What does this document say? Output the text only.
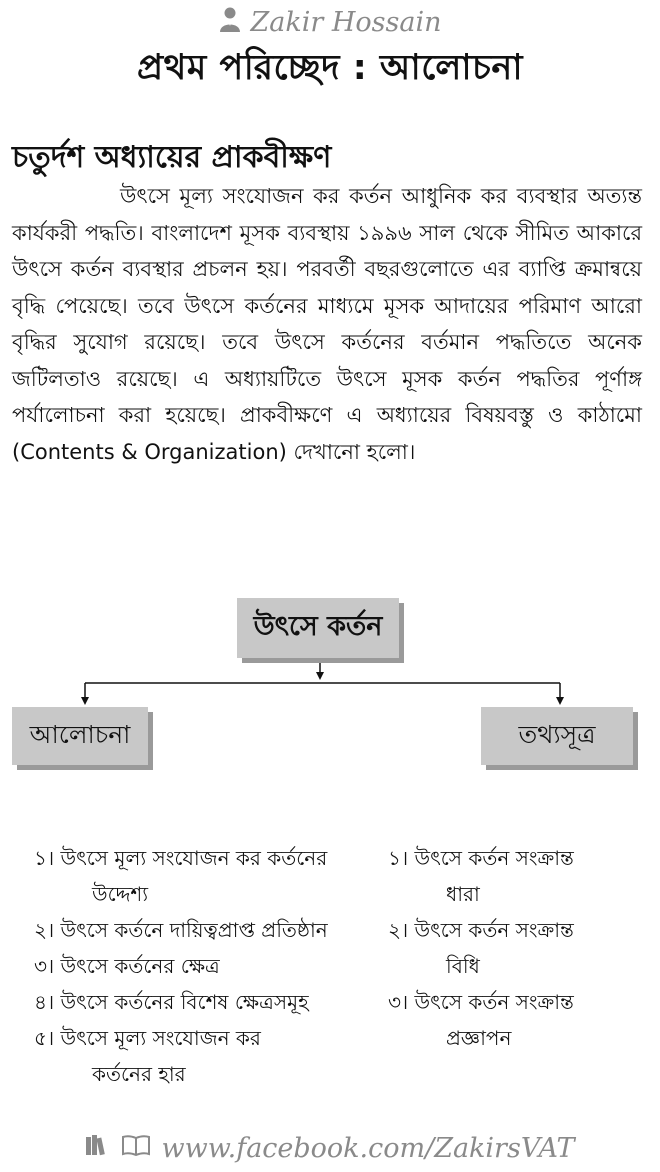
Zakir Hossain
প্রথম পরিচ্ছেদ : আলোচনা
চতুর্দশ অধ্যায়ের প্রাকবীক্ষণ
উৎসে মূল্য সংযোজন কর কর্তন আধুনিক কর ব্যবস্থার অত্যন্ত কার্যকরী পদ্ধতি। বাংলাদেশ মূসক ব্যবস্থায় ১৯৯৬ সাল থেকে সীমিত আকারে উৎসে কর্তন ব্যবস্থার প্রচলন হয়। পরবর্তী বছরগুলোতে এর ব্যাপ্তি ক্রমান্বয়ে বৃদ্ধি পেয়েছে। তবে উৎসে কর্তনের মাধ্যমে মূসক আদায়ের পরিমাণ আরো বৃদ্ধির সুযোগ রয়েছে। তবে উৎসে কর্তনের বর্তমান পদ্ধতিতে অনেক জটিলতাও রয়েছে। এ অধ্যায়টিতে উৎসে মূসক কর্তন পদ্ধতির পূর্ণাঙ্গ পর্যালোচনা করা হয়েছে। প্রাকবীক্ষণে এ অধ্যায়ের বিষয়বস্তু ও কাঠামো (Contents & Organization) দেখানো হলো।
উৎসে কর্তন
আলোচনা	তথ্যসূত্র
১।
উৎসে মূল্য সংযোজন কর কর্তনের
উদ্দেশ্য
২।
উৎসে কর্তনে দায়িত্বপ্রাপ্ত প্রতিষ্ঠান
৩।
উৎসে কর্তনের ক্ষেত্র
৪।
উৎসে কর্তনের বিশেষ ক্ষেত্রসমূহ
৫।
উৎসে মূল্য সংযোজন কর
কর্তনের হার
১।
উৎসে কর্তন সংক্রান্ত
ধারা
২।
উৎসে কর্তন সংক্রান্ত
বিধি
৩।
উৎসে কর্তন সংক্রান্ত
প্রজ্ঞাপন
www.facebook.com/ZakirsVAT
